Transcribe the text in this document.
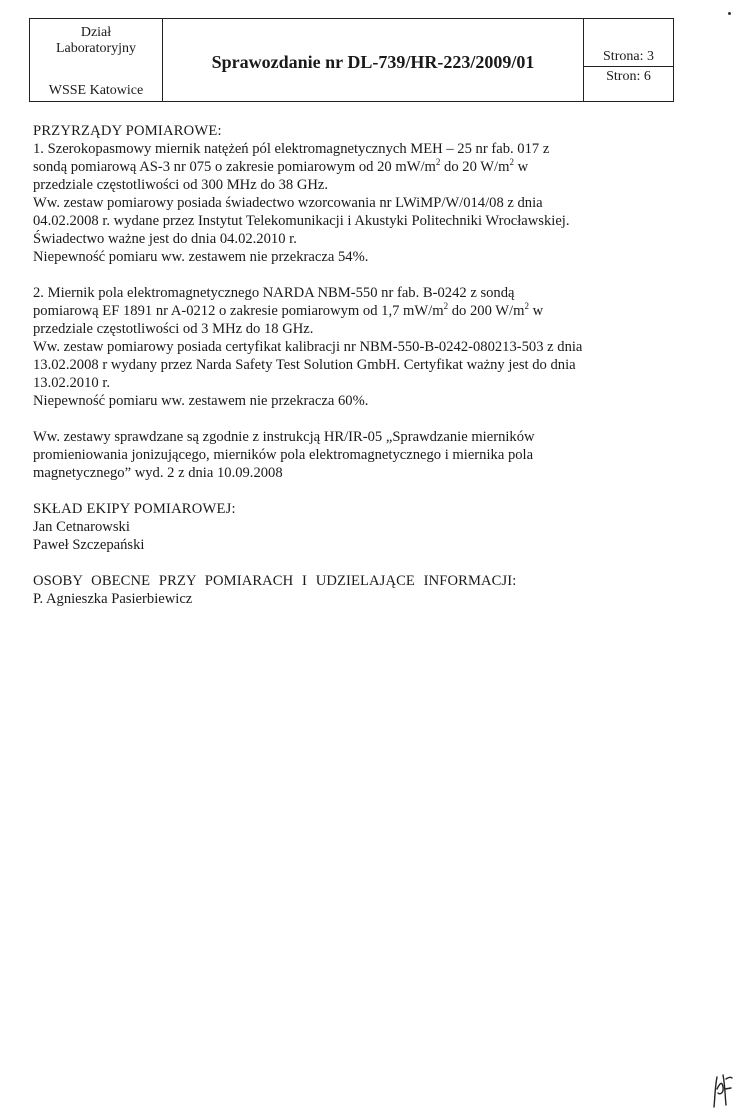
Dział
Laboratoryjny
WSSE Katowice
Sprawozdanie nr DL-739/HR-223/2009/01	Strona: 3
Stron: 6

PRZYRZĄDY POMIAROWE:

1. Szerokopasmowy miernik natężeń pól elektromagnetycznych MEH – 25 nr fab. 017 z

sondą pomiarową AS-3 nr 075 o zakresie pomiarowym od 20 $mW/m^2$ do 20 $W/m^2$ w

przedziale częstotliwości od 300 MHz do 38 GHz.

Ww. zestaw pomiarowy posiada świadectwo wzorcowania nr LWiMP/W/014/08 z dnia

04.02.2008 r. wydane przez Instytut Telekomunikacji i Akustyki Politechniki Wrocławskiej.

Świadectwo ważne jest do dnia 04.02.2010 r.

Niepewność pomiaru ww. zestawem nie przekracza 54%.

2. Miernik pola elektromagnetycznego NARDA NBM-550 nr fab. B-0242 z sondą

pomiarową EF 1891 nr A-0212 o zakresie pomiarowym od 1,7 $mW/m^2$ do 200 $W/m^2$ w

przedziale częstotliwości od 3 MHz do 18 GHz.

Ww. zestaw pomiarowy posiada certyfikat kalibracji nr NBM-550-B-0242-080213-503 z dnia

13.02.2008 r wydany przez Narda Safety Test Solution GmbH. Certyfikat ważny jest do dnia

13.02.2010 r.

Niepewność pomiaru ww. zestawem nie przekracza 60%.

Ww. zestawy sprawdzane są zgodnie z instrukcją HR/IR-05 „Sprawdzanie mierników

promieniowania jonizującego, mierników pola elektromagnetycznego i miernika pola

magnetycznego” wyd. 2 z dnia 10.09.2008

SKŁAD EKIPY POMIAROWEJ:

Jan Cetnarowski

Paweł Szczepański

OSOBY OBECNE PRZY POMIARACH I UDZIELAJĄCE INFORMACJI:

P. Agnieszka Pasierbiewicz
